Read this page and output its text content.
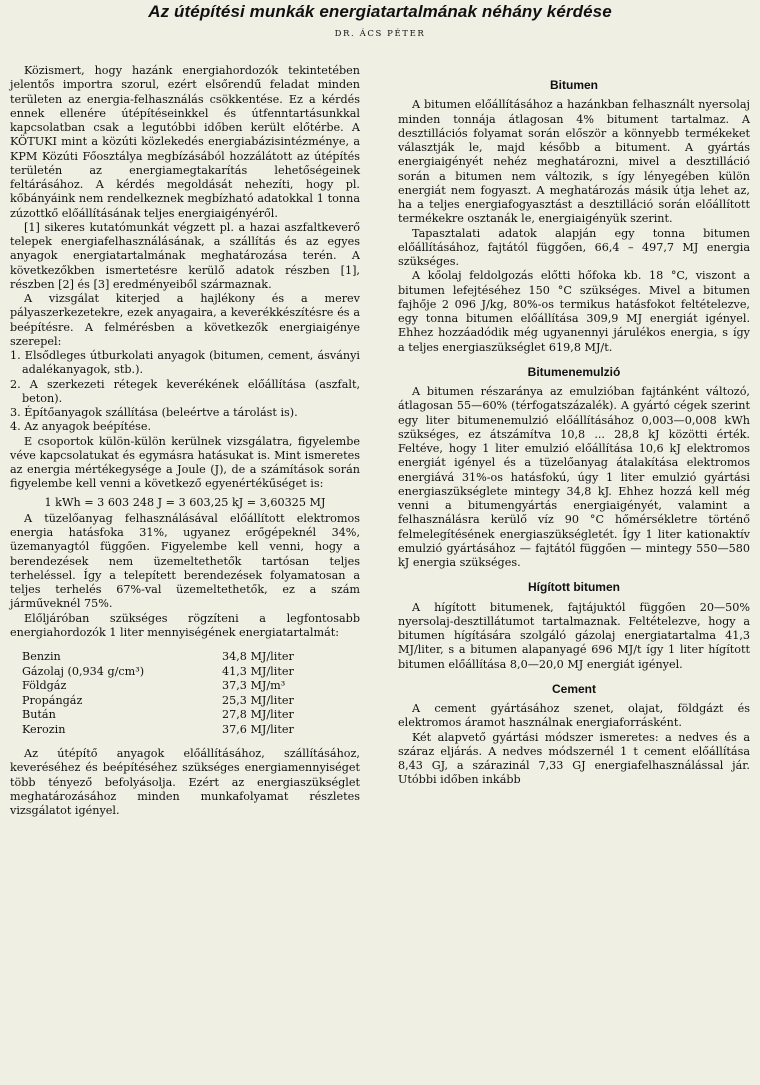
Az útépítési munkák energiatartalmának néhány kérdése
DR. ÁCS PÉTER

Közismert, hogy hazánk energiahordozók tekintetében jelentős importra szorul, ezért elsőrendű feladat minden területen az energia-felhasználás csökkentése. Ez a kérdés ennek ellenére útépítéseinkkel és útfenntartásunkkal kapcsolatban csak a legutóbbi időben került előtérbe. A KÖTUKI mint a közúti közlekedés energiabázisintézménye, a KPM Közúti Főosztálya megbízásából hozzálátott az útépítés területén az energiamegtakarítás lehetőségeinek feltárásához. A kérdés megoldását nehezíti, hogy pl. kőbányáink nem rendelkeznek megbízható adatokkal 1 tonna zúzottkő előállításának teljes energiaigényéről.

[1] sikeres kutatómunkát végzett pl. a hazai aszfaltkeverő telepek energiafelhasználásának, a szállítás és az egyes anyagok energiatartalmának meghatározása terén. A következőkben ismertetésre kerülő adatok részben [1], részben [2] és [3] eredményeiből származnak.

A vizsgálat kiterjed a hajlékony és a merev pályaszerkezetekre, ezek anyagaira, a keverékkészítésre és a beépítésre. A felmérésben a következők energiaigénye szerepel:

1. Elsődleges útburkolati anyagok (bitumen, cement, ásványi adalékanyagok, stb.).
2. A szerkezeti rétegek keverékének előállítása (aszfalt, beton).
3. Építőanyagok szállítása (beleértve a tárolást is).
4. Az anyagok beépítése.

E csoportok külön-külön kerülnek vizsgálatra, figyelembe véve kapcsolatukat és egymásra hatásukat is. Mint ismeretes az energia mértékegysége a Joule (J), de a számítások során figyelembe kell venni a következő egyenértékűséget is:

1 kWh = 3 603 248 J = 3 603,25 kJ = 3,60325 MJ

A tüzelőanyag felhasználásával előállított elektromos energia hatásfoka 31%, ugyanez erőgépeknél 34%, üzemanyagtól függően. Figyelembe kell venni, hogy a berendezések nem üzemeltethetők tartósan teljes terheléssel. Így a telepített berendezések folyamatosan a teljes terhelés 67%-val üzemeltethetők, ez a szám járműveknél 75%.

Előljáróban szükséges rögzíteni a legfontosabb energiahordozók 1 liter mennyiségének energiatartalmát:

Benzin	34,8 MJ/liter
Gázolaj (0,934 g/cm³)	41,3 MJ/liter
Földgáz	37,3 MJ/m³
Propángáz	25,3 MJ/liter
Bután	27,8 MJ/liter
Kerozin	37,6 MJ/liter

Az útépítő anyagok előállításához, szállításához, keveréséhez és beépítéséhez szükséges energiamennyiséget több tényező befolyásolja. Ezért az energiaszükséglet meghatározásához minden munkafolyamat részletes vizsgálatot igényel.

Bitumen

A bitumen előállításához a hazánkban felhasznált nyersolaj minden tonnája átlagosan 4% bitument tartalmaz. A desztillációs folyamat során először a könnyebb termékeket választják le, majd később a bitument. A gyártás energiaigényét nehéz meghatározni, mivel a desztilláció során a bitumen nem változik, s így lényegében külön energiát nem fogyaszt. A meghatározás másik útja lehet az, ha a teljes energiafogyasztást a desztilláció során előállított termékekre osztanák le, energiaigényük szerint.

Tapasztalati adatok alapján egy tonna bitumen előállításához, fajtától függően, 66,4 – 497,7 MJ energia szükséges.

A kőolaj feldolgozás előtti hőfoka kb. 18 °C, viszont a bitumen lefejtéséhez 150 °C szükséges. Mivel a bitumen fajhője 2 096 J/kg, 80%-os termikus hatásfokot feltételezve, egy tonna bitumen előállítása 309,9 MJ energiát igényel. Ehhez hozzáadódik még ugyanennyi járulékos energia, s így a teljes energiaszükséglet 619,8 MJ/t.

Bitumenemulzió

A bitumen részaránya az emulzióban fajtánként változó, átlagosan 55—60% (térfogatszázalék). A gyártó cégek szerint egy liter bitumenemulzió előállításához 0,003—0,008 kWh szükséges, ez átszámítva 10,8 ... 28,8 kJ közötti érték. Feltéve, hogy 1 liter emulzió előállítása 10,6 kJ elektromos energiát igényel és a tüzelőanyag átalakítása elektromos energiává 31%-os hatásfokú, úgy 1 liter emulzió gyártási energiaszükséglete mintegy 34,8 kJ. Ehhez hozzá kell még venni a bitumengyártás energiaigényét, valamint a felhasználásra kerülő víz 90 °C hőmérsékletre történő felmelegítésének energiaszükségletét. Így 1 liter kationaktív emulzió gyártásához — fajtától függően — mintegy 550—580 kJ energia szükséges.

Hígított bitumen

A hígított bitumenek, fajtájuktól függően 20—50% nyersolaj-desztillátumot tartalmaznak. Feltételezve, hogy a bitumen hígítására szolgáló gázolaj energiatartalma 41,3 MJ/liter, s a bitumen alapanyagé 696 MJ/t így 1 liter hígított bitumen előállítása 8,0—20,0 MJ energiát igényel.

Cement

A cement gyártásához szenet, olajat, földgázt és elektromos áramot használnak energiaforrásként.

Két alapvető gyártási módszer ismeretes: a nedves és a száraz eljárás. A nedves módszernél 1 t cement előállítása 8,43 GJ, a szárazinál 7,33 GJ energiafelhasználással jár. Utóbbi időben inkább
